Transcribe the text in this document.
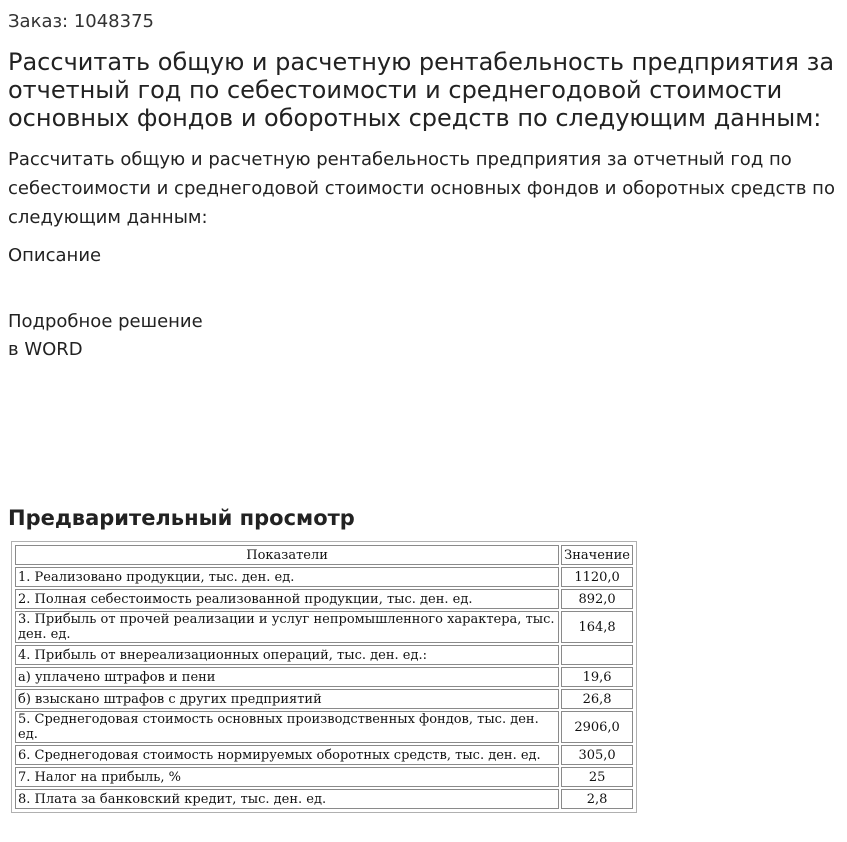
Заказ: 1048375
Рассчитать общую и расчетную рентабельность предприятия за отчетный год по себестоимости и среднегодовой стоимости основных фондов и оборотных средств по следующим данным:
Рассчитать общую и расчетную рентабельность предприятия за отчетный год по себестоимости и среднегодовой стоимости основных фондов и оборотных средств по следующим данным:
Описание
Подробное решение
в WORD
Предварительный просмотр
Показатели	Значение
1. Реализовано продукции, тыс. ден. ед.	1120,0
2. Полная себестоимость реализованной продукции, тыс. ден. ед.	892,0
3. Прибыль от прочей реализации и услуг непромышленного характера, тыс. ден. ед.	164,8
4. Прибыль от внереализационных операций, тыс. ден. ед.:	
а) уплачено штрафов и пени	19,6
б) взыскано штрафов с других предприятий	26,8
5. Среднегодовая стоимость основных производственных фондов, тыс. ден. ед.	2906,0
6. Среднегодовая стоимость нормируемых оборотных средств, тыс. ден. ед.	305,0
7. Налог на прибыль, %	25
8. Плата за банковский кредит, тыс. ден. ед.	2,8
